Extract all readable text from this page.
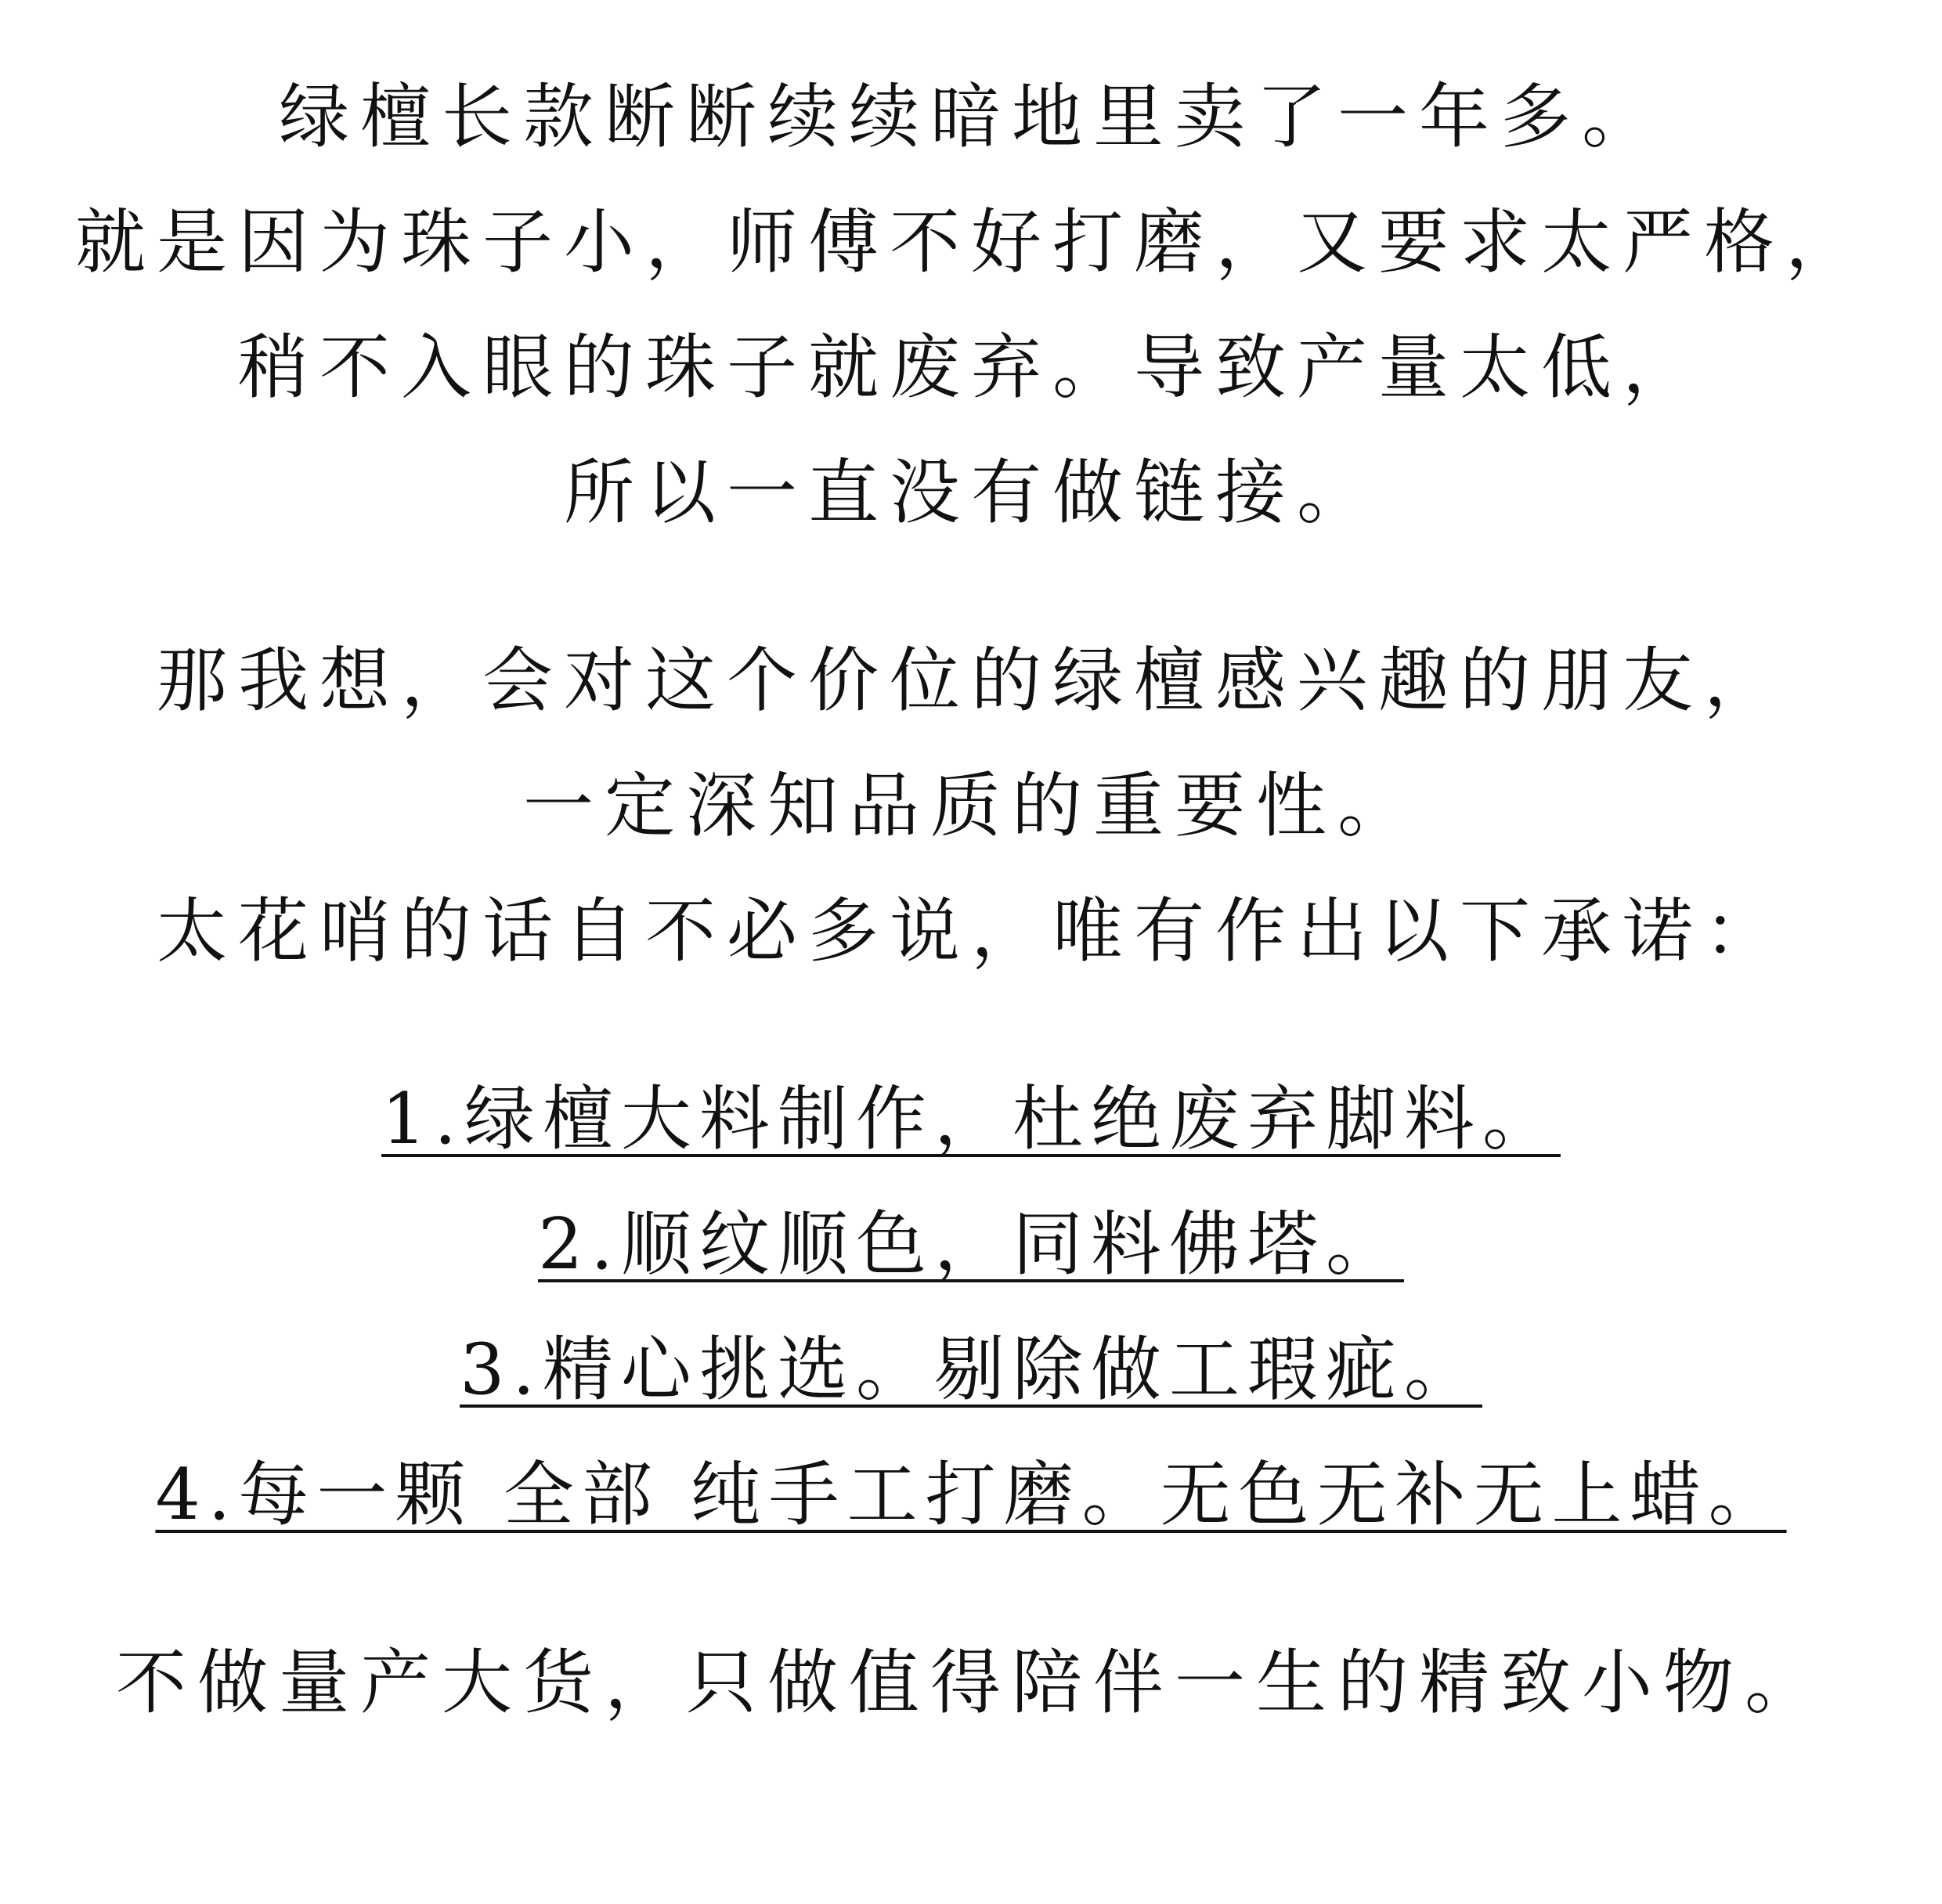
绿檀长款断断续续暗地里卖了一年多。

就是因为珠子小，师傅不好打磨，又要求太严格，

稍不入眼的珠子就废弃。导致产量太低，

所以一直没有做链接。

那我想，会对这个价位的绿檀感兴趣的朋友，

一定深知品质的重要性。

太花哨的话自不必多说，唯有作出以下承诺：

1.绿檀大料制作，杜绝废弃脚料。

2.顺纹顺色，同料佛塔。

3.精心挑选。剔除做工瑕疵。

4.每一颗 全部 纯手工打磨。无色无补无上蜡。

不做量产大货，只做值得陪伴一生的精致小物。
